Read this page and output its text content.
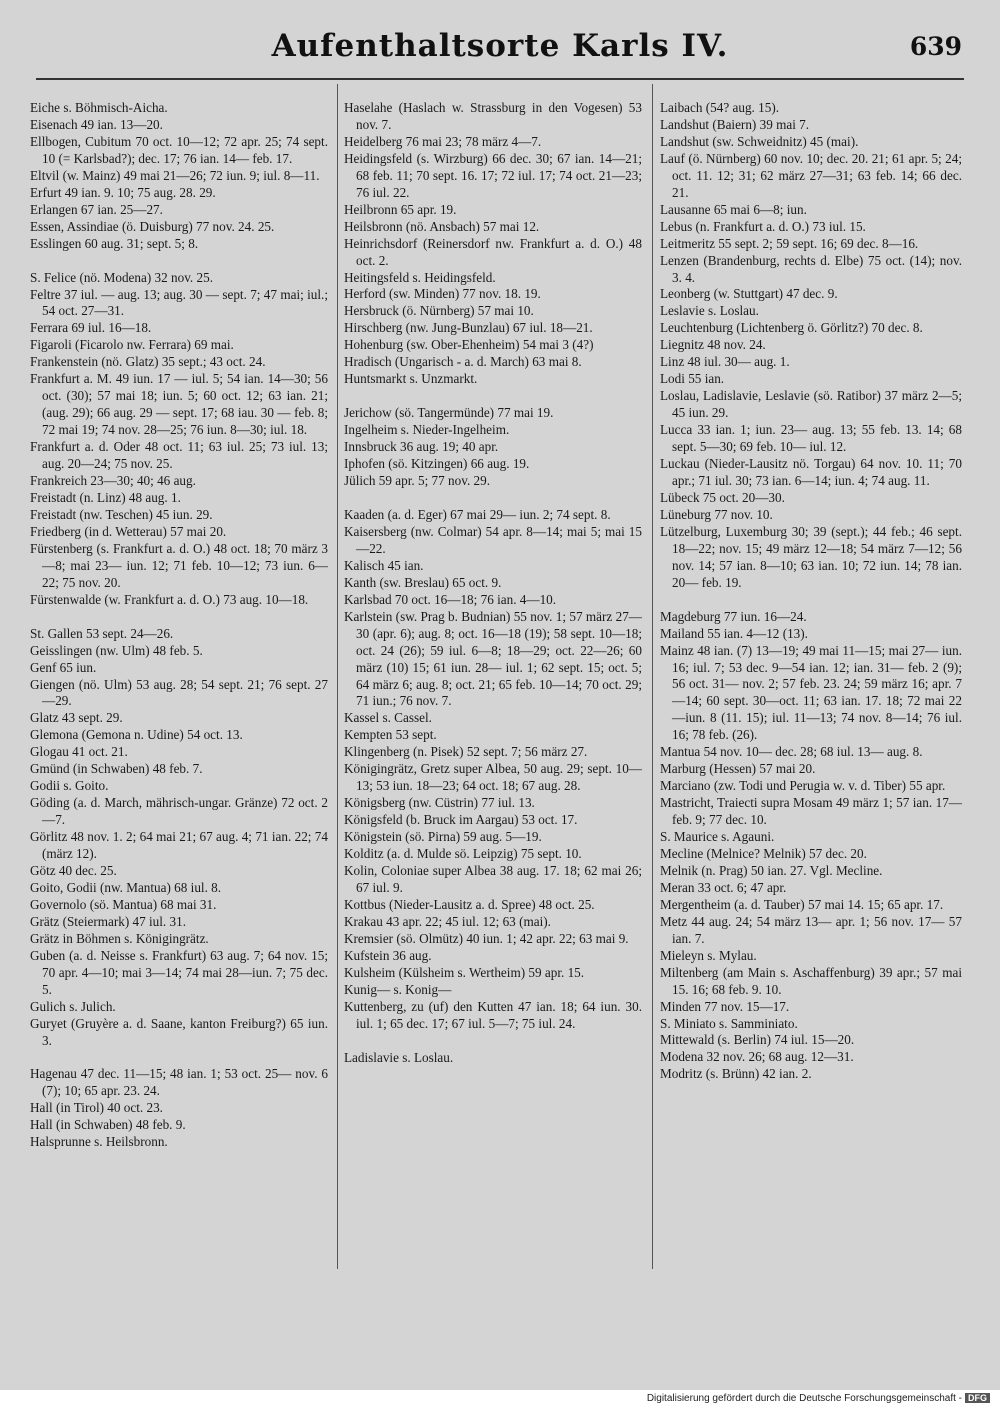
Aufenthaltsorte Karls IV.	639
Eiche s. Böhmisch-Aicha.
Eisenach 49 ian. 13—20.
Ellbogen, Cubitum 70 oct. 10—12; 72 apr. 25; 74 sept. 10 (= Karlsbad?); dec. 17; 76 ian. 14— feb. 17.
Eltvil (w. Mainz) 49 mai 21—26; 72 iun. 9; iul. 8—11.
Erfurt 49 ian. 9. 10; 75 aug. 28. 29.
Erlangen 67 ian. 25—27.
Essen, Assindiae (ö. Duisburg) 77 nov. 24. 25.
Esslingen 60 aug. 31; sept. 5; 8.
S. Felice (nö. Modena) 32 nov. 25.
Feltre 37 iul. — aug. 13; aug. 30 — sept. 7; 47 mai; iul.; 54 oct. 27—31.
Ferrara 69 iul. 16—18.
Figaroli (Ficarolo nw. Ferrara) 69 mai.
Frankenstein (nö. Glatz) 35 sept.; 43 oct. 24.
Frankfurt a. M. 49 iun. 17 — iul. 5; 54 ian. 14—30; 56 oct. (30); 57 mai 18; iun. 5; 60 oct. 12; 63 ian. 21; (aug. 29); 66 aug. 29 — sept. 17; 68 iau. 30 — feb. 8; 72 mai 19; 74 nov. 28—25; 76 iun. 8—30; iul. 18.
Frankfurt a. d. Oder 48 oct. 11; 63 iul. 25; 73 iul. 13; aug. 20—24; 75 nov. 25.
Frankreich 23—30; 40; 46 aug.
Freistadt (n. Linz) 48 aug. 1.
Freistadt (nw. Teschen) 45 iun. 29.
Friedberg (in d. Wetterau) 57 mai 20.
Fürstenberg (s. Frankfurt a. d. O.) 48 oct. 18; 70 märz 3—8; mai 23— iun. 12; 71 feb. 10—12; 73 iun. 6—22; 75 nov. 20.
Fürstenwalde (w. Frankfurt a. d. O.) 73 aug. 10—18.
St. Gallen 53 sept. 24—26.
Geisslingen (nw. Ulm) 48 feb. 5.
Genf 65 iun.
Giengen (nö. Ulm) 53 aug. 28; 54 sept. 21; 76 sept. 27—29.
Glatz 43 sept. 29.
Glemona (Gemona n. Udine) 54 oct. 13.
Glogau 41 oct. 21.
Gmünd (in Schwaben) 48 feb. 7.
Godii s. Goito.
Göding (a. d. March, mährisch-ungar. Gränze) 72 oct. 2—7.
Görlitz 48 nov. 1. 2; 64 mai 21; 67 aug. 4; 71 ian. 22; 74 (märz 12).
Götz 40 dec. 25.
Goito, Godii (nw. Mantua) 68 iul. 8.
Governolo (sö. Mantua) 68 mai 31.
Grätz (Steiermark) 47 iul. 31.
Grätz in Böhmen s. Königingrätz.
Guben (a. d. Neisse s. Frankfurt) 63 aug. 7; 64 nov. 15; 70 apr. 4—10; mai 3—14; 74 mai 28—iun. 7; 75 dec. 5.
Gulich s. Julich.
Guryet (Gruyère a. d. Saane, kanton Freiburg?) 65 iun. 3.
Hagenau 47 dec. 11—15; 48 ian. 1; 53 oct. 25— nov. 6 (7); 10; 65 apr. 23. 24.
Hall (in Tirol) 40 oct. 23.
Hall (in Schwaben) 48 feb. 9.
Halsprunne s. Heilsbronn.
Haselahe (Haslach w. Strassburg in den Vogesen) 53 nov. 7.
Heidelberg 76 mai 23; 78 märz 4—7.
Heidingsfeld (s. Wirzburg) 66 dec. 30; 67 ian. 14—21; 68 feb. 11; 70 sept. 16. 17; 72 iul. 17; 74 oct. 21—23; 76 iul. 22.
Heilbronn 65 apr. 19.
Heilsbronn (nö. Ansbach) 57 mai 12.
Heinrichsdorf (Reinersdorf nw. Frankfurt a. d. O.) 48 oct. 2.
Heitingsfeld s. Heidingsfeld.
Herford (sw. Minden) 77 nov. 18. 19.
Hersbruck (ö. Nürnberg) 57 mai 10.
Hirschberg (nw. Jung-Bunzlau) 67 iul. 18—21.
Hohenburg (sw. Ober-Ehenheim) 54 mai 3 (4?)
Hradisch (Ungarisch - a. d. March) 63 mai 8.
Huntsmarkt s. Unzmarkt.
Jerichow (sö. Tangermünde) 77 mai 19.
Ingelheim s. Nieder-Ingelheim.
Innsbruck 36 aug. 19; 40 apr.
Iphofen (sö. Kitzingen) 66 aug. 19.
Jülich 59 apr. 5; 77 nov. 29.
Kaaden (a. d. Eger) 67 mai 29— iun. 2; 74 sept. 8.
Kaisersberg (nw. Colmar) 54 apr. 8—14; mai 5; mai 15—22.
Kalisch 45 ian.
Kanth (sw. Breslau) 65 oct. 9.
Karlsbad 70 oct. 16—18; 76 ian. 4—10.
Karlstein (sw. Prag b. Budnian) 55 nov. 1; 57 märz 27—30 (apr. 6); aug. 8; oct. 16—18 (19); 58 sept. 10—18; oct. 24 (26); 59 iul. 6—8; 18—29; oct. 22—26; 60 märz (10) 15; 61 iun. 28— iul. 1; 62 sept. 15; oct. 5; 64 märz 6; aug. 8; oct. 21; 65 feb. 10—14; 70 oct. 29; 71 iun.; 76 nov. 7.
Kassel s. Cassel.
Kempten 53 sept.
Klingenberg (n. Pisek) 52 sept. 7; 56 märz 27.
Königingrätz, Gretz super Albea, 50 aug. 29; sept. 10—13; 53 iun. 18—23; 64 oct. 18; 67 aug. 28.
Königsberg (nw. Cüstrin) 77 iul. 13.
Königsfeld (b. Bruck im Aargau) 53 oct. 17.
Königstein (sö. Pirna) 59 aug. 5—19.
Kolditz (a. d. Mulde sö. Leipzig) 75 sept. 10.
Kolin, Coloniae super Albea 38 aug. 17. 18; 62 mai 26; 67 iul. 9.
Kottbus (Nieder-Lausitz a. d. Spree) 48 oct. 25.
Krakau 43 apr. 22; 45 iul. 12; 63 (mai).
Kremsier (sö. Olmütz) 40 iun. 1; 42 apr. 22; 63 mai 9.
Kufstein 36 aug.
Kulsheim (Külsheim s. Wertheim) 59 apr. 15.
Kunig— s. Konig—
Kuttenberg, zu (uf) den Kutten 47 ian. 18; 64 iun. 30. iul. 1; 65 dec. 17; 67 iul. 5—7; 75 iul. 24.
Ladislavie s. Loslau.
Laibach (54? aug. 15).
Landshut (Baiern) 39 mai 7.
Landshut (sw. Schweidnitz) 45 (mai).
Lauf (ö. Nürnberg) 60 nov. 10; dec. 20. 21; 61 apr. 5; 24; oct. 11. 12; 31; 62 märz 27—31; 63 feb. 14; 66 dec. 21.
Lausanne 65 mai 6—8; iun.
Lebus (n. Frankfurt a. d. O.) 73 iul. 15.
Leitmeritz 55 sept. 2; 59 sept. 16; 69 dec. 8—16.
Lenzen (Brandenburg, rechts d. Elbe) 75 oct. (14); nov. 3. 4.
Leonberg (w. Stuttgart) 47 dec. 9.
Leslavie s. Loslau.
Leuchtenburg (Lichtenberg ö. Görlitz?) 70 dec. 8.
Liegnitz 48 nov. 24.
Linz 48 iul. 30— aug. 1.
Lodi 55 ian.
Loslau, Ladislavie, Leslavie (sö. Ratibor) 37 märz 2—5; 45 iun. 29.
Lucca 33 ian. 1; iun. 23— aug. 13; 55 feb. 13. 14; 68 sept. 5—30; 69 feb. 10— iul. 12.
Luckau (Nieder-Lausitz nö. Torgau) 64 nov. 10. 11; 70 apr.; 71 iul. 30; 73 ian. 6—14; iun. 4; 74 aug. 11.
Lübeck 75 oct. 20—30.
Lüneburg 77 nov. 10.
Lützelburg, Luxemburg 30; 39 (sept.); 44 feb.; 46 sept. 18—22; nov. 15; 49 märz 12—18; 54 märz 7—12; 56 nov. 14; 57 ian. 8—10; 63 ian. 10; 72 iun. 14; 78 ian. 20— feb. 19.
Magdeburg 77 iun. 16—24.
Mailand 55 ian. 4—12 (13).
Mainz 48 ian. (7) 13—19; 49 mai 11—15; mai 27— iun. 16; iul. 7; 53 dec. 9—54 ian. 12; ian. 31— feb. 2 (9); 56 oct. 31— nov. 2; 57 feb. 23. 24; 59 märz 16; apr. 7—14; 60 sept. 30—oct. 11; 63 ian. 17. 18; 72 mai 22—iun. 8 (11. 15); iul. 11—13; 74 nov. 8—14; 76 iul. 16; 78 feb. (26).
Mantua 54 nov. 10— dec. 28; 68 iul. 13— aug. 8.
Marburg (Hessen) 57 mai 20.
Marciano (zw. Todi und Perugia w. v. d. Tiber) 55 apr.
Mastricht, Traiecti supra Mosam 49 märz 1; 57 ian. 17— feb. 9; 77 dec. 10.
S. Maurice s. Agauni.
Mecline (Melnice? Melnik) 57 dec. 20.
Melnik (n. Prag) 50 ian. 27. Vgl. Mecline.
Meran 33 oct. 6; 47 apr.
Mergentheim (a. d. Tauber) 57 mai 14. 15; 65 apr. 17.
Metz 44 aug. 24; 54 märz 13— apr. 1; 56 nov. 17— 57 ian. 7.
Mieleyn s. Mylau.
Miltenberg (am Main s. Aschaffenburg) 39 apr.; 57 mai 15. 16; 68 feb. 9. 10.
Minden 77 nov. 15—17.
S. Miniato s. Samminiato.
Mittewald (s. Berlin) 74 iul. 15—20.
Modena 32 nov. 26; 68 aug. 12—31.
Modritz (s. Brünn) 42 ian. 2.
Digitalisierung gefördert durch die Deutsche Forschungsgemeinschaft - DFG
